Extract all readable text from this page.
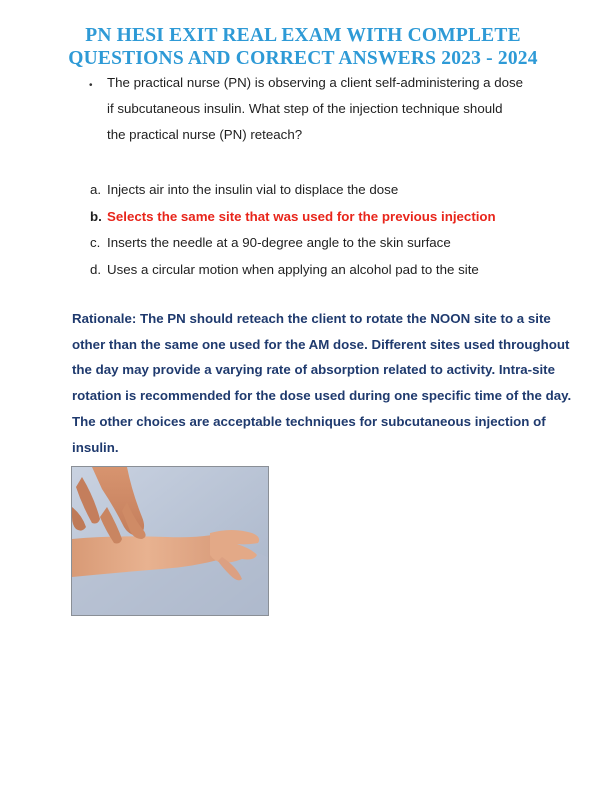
PN HESI EXIT REAL EXAM WITH COMPLETE
QUESTIONS AND CORRECT ANSWERS 2023 - 2024
• The practical nurse (PN) is observing a client self-administering a dose
if subcutaneous insulin. What step of the injection technique should
the practical nurse (PN) reteach?
a. Injects air into the insulin vial to displace the dose
b. Selects the same site that was used for the previous injection
c. Inserts the needle at a 90-degree angle to the skin surface
d. Uses a circular motion when applying an alcohol pad to the site
Rationale: The PN should reteach the client to rotate the NOON site to a site
other than the same one used for the AM dose. Different sites used throughout
the day may provide a varying rate of absorption related to activity. Intra-site
rotation is recommended for the dose used during one specific time of the day.
The other choices are acceptable techniques for subcutaneous injection of
insulin.
